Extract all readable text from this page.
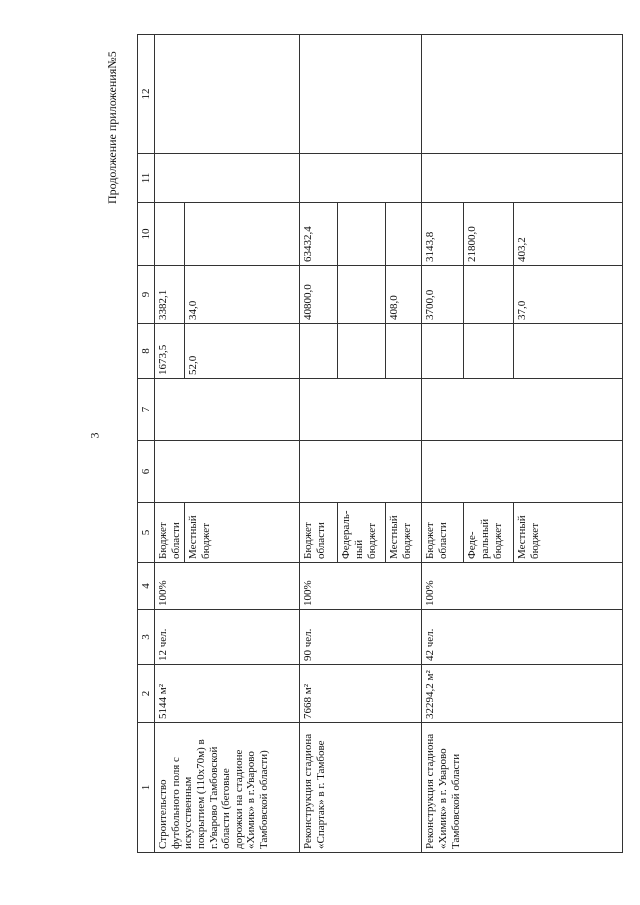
3
Продолжение приложения№5
1	2	3	4	5	6	7	8	9	10	11	12
Строительство футбольного поля с искусственным покрытием (110х70м) в г.Уварово Тамбовской области (беговые дорожки на стадионе «Химик» в г.Уварово Тамбовской области)	5144 м²	12 чел.	100%	Бюджет области			1673,5	3382,1			
				Местный бюджет			52,0	34,0			
Реконструкция стадиона «Спартак» в г. Тамбове	7668 м²	90 чел.	100%	Бюджет области				40800,0	63432,4		
				Федераль-ный бюджет							
				Местный бюджет				408,0			
Реконструкция стадиона «Химик» в г. Уварово Тамбовской области	32294,2 м²	42 чел.	100%	Бюджет области				3700,0	3143,8		
				Феде-ральный бюджет					21800,0		
				Местный бюджет				37,0	403,2		
